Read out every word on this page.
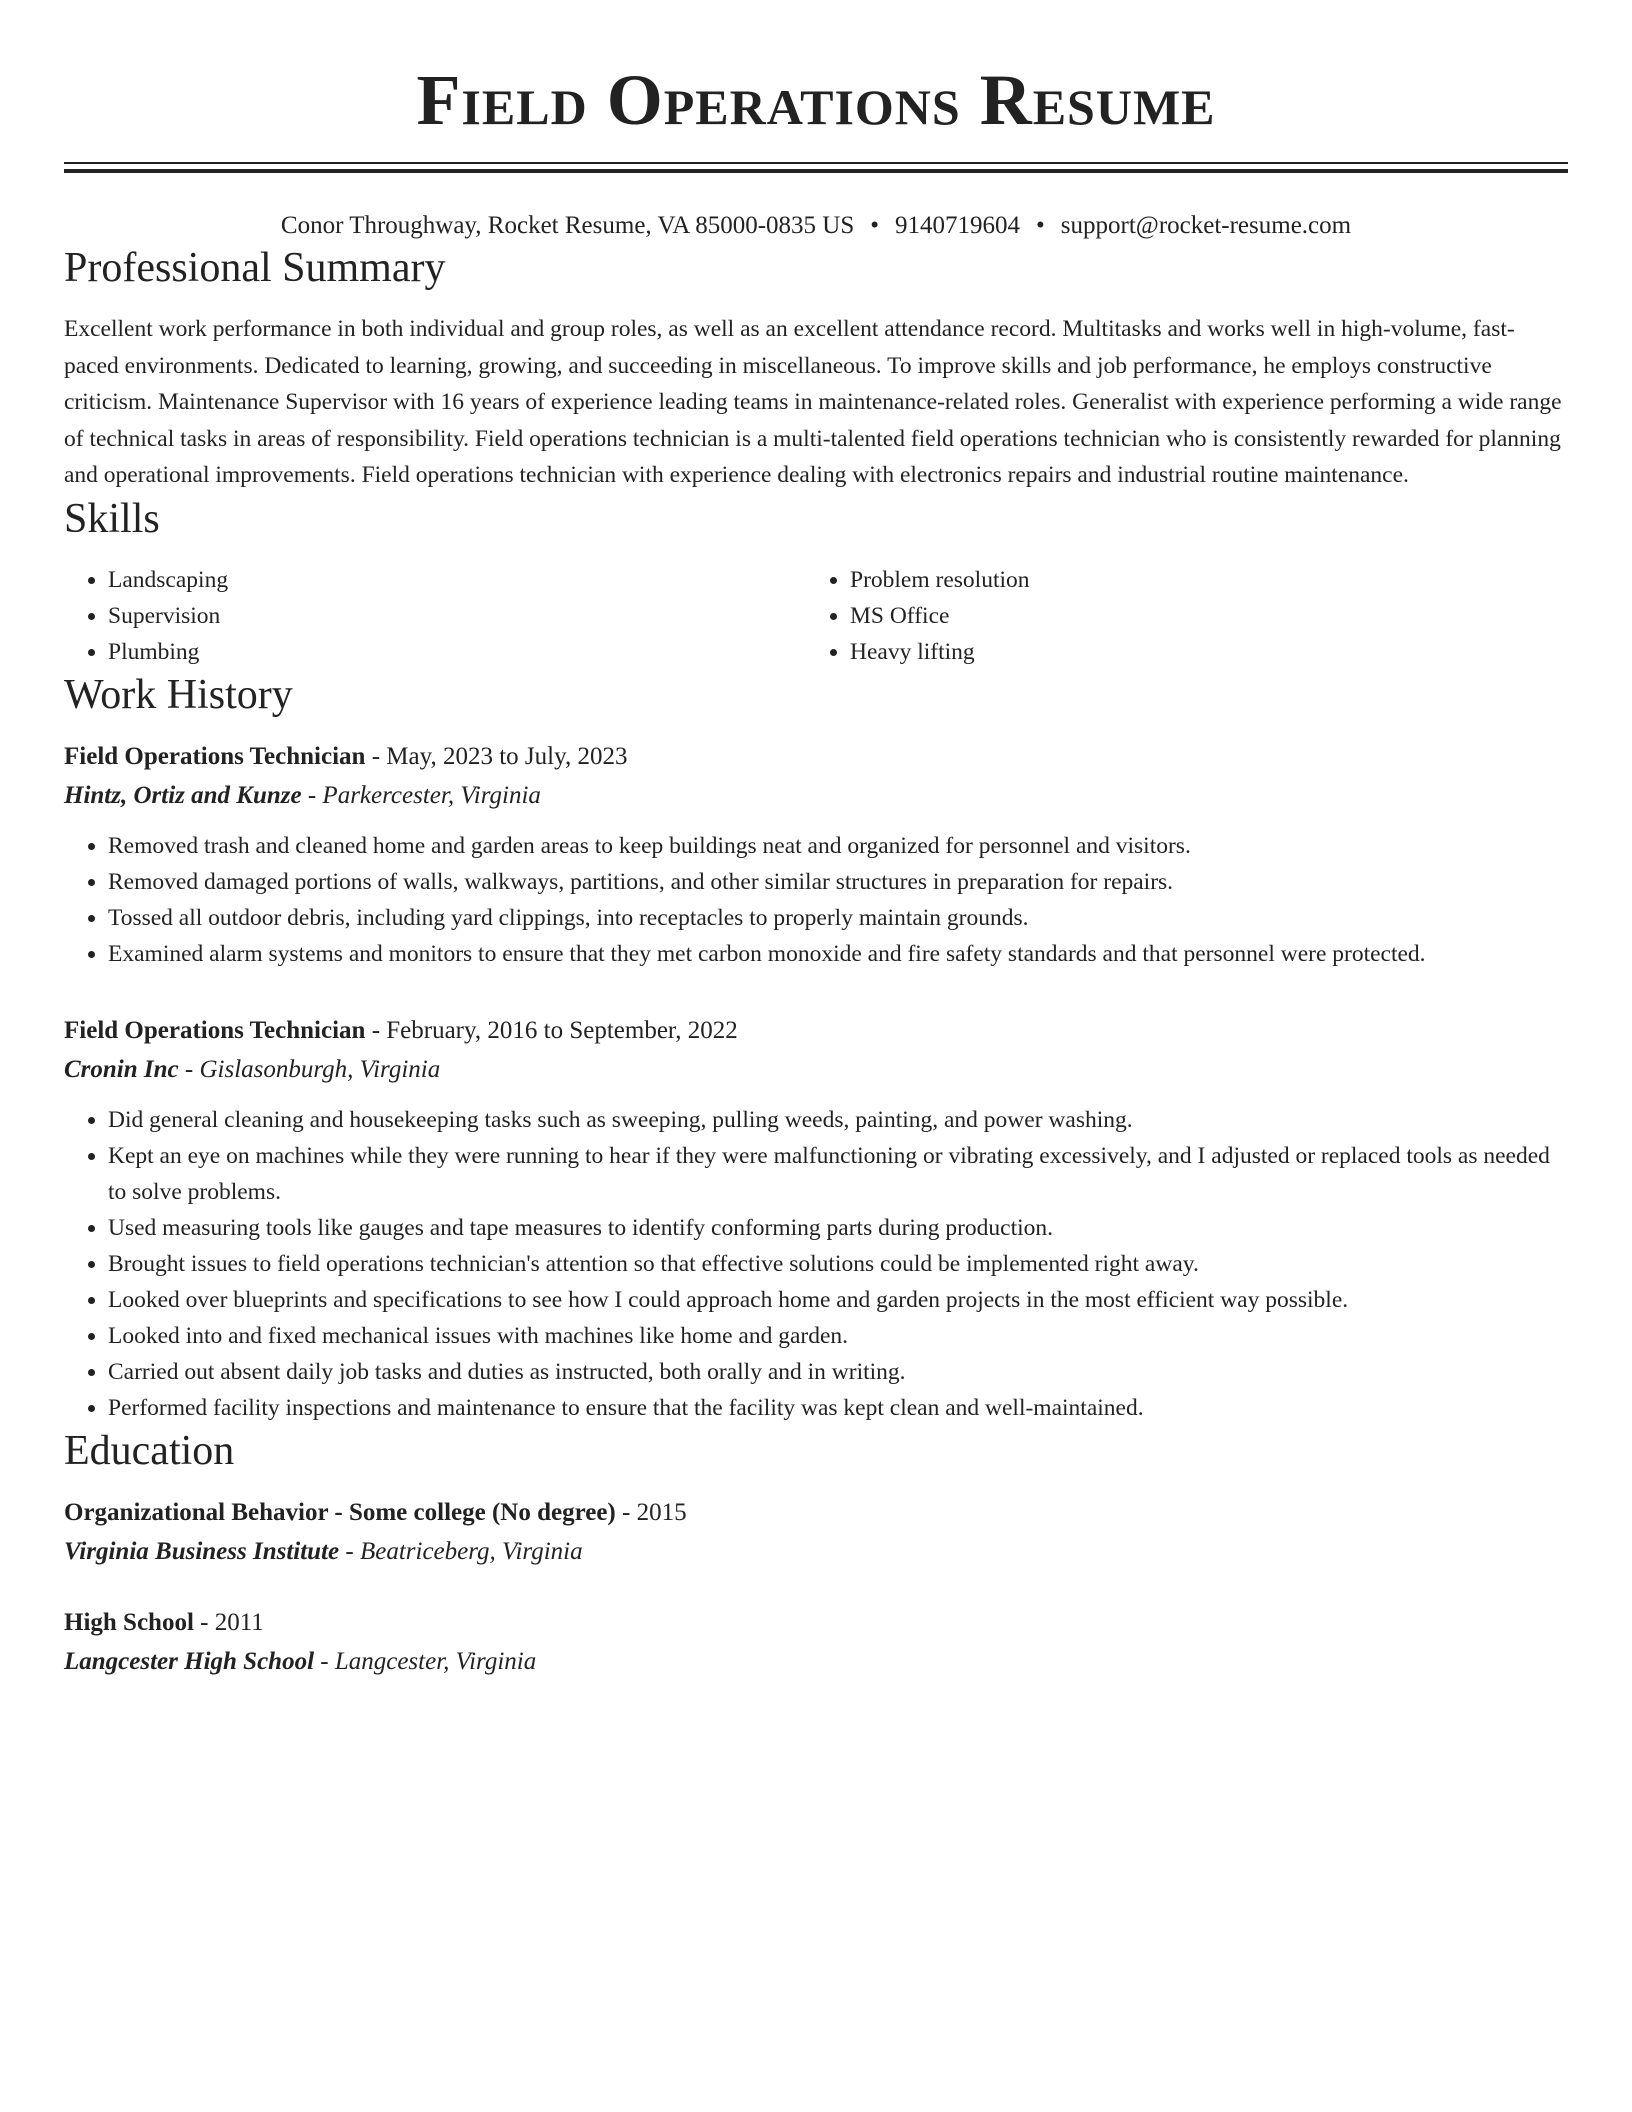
Field Operations Resume
Conor Throughway, Rocket Resume, VA 85000-0835 US • 9140719604 • support@rocket-resume.com
Professional Summary
Excellent work performance in both individual and group roles, as well as an excellent attendance record. Multitasks and works well in high-volume, fast-paced environments. Dedicated to learning, growing, and succeeding in miscellaneous. To improve skills and job performance, he employs constructive criticism. Maintenance Supervisor with 16 years of experience leading teams in maintenance-related roles. Generalist with experience performing a wide range of technical tasks in areas of responsibility. Field operations technician is a multi-talented field operations technician who is consistently rewarded for planning and operational improvements. Field operations technician with experience dealing with electronics repairs and industrial routine maintenance.
Skills
• Landscaping
• Supervision
• Plumbing
• Problem resolution
• MS Office
• Heavy lifting
Work History
Field Operations Technician - May, 2023 to July, 2023
Hintz, Ortiz and Kunze - Parkercester, Virginia
• Removed trash and cleaned home and garden areas to keep buildings neat and organized for personnel and visitors.
• Removed damaged portions of walls, walkways, partitions, and other similar structures in preparation for repairs.
• Tossed all outdoor debris, including yard clippings, into receptacles to properly maintain grounds.
• Examined alarm systems and monitors to ensure that they met carbon monoxide and fire safety standards and that personnel were protected.
Field Operations Technician - February, 2016 to September, 2022
Cronin Inc - Gislasonburgh, Virginia
• Did general cleaning and housekeeping tasks such as sweeping, pulling weeds, painting, and power washing.
• Kept an eye on machines while they were running to hear if they were malfunctioning or vibrating excessively, and I adjusted or replaced tools as needed to solve problems.
• Used measuring tools like gauges and tape measures to identify conforming parts during production.
• Brought issues to field operations technician's attention so that effective solutions could be implemented right away.
• Looked over blueprints and specifications to see how I could approach home and garden projects in the most efficient way possible.
• Looked into and fixed mechanical issues with machines like home and garden.
• Carried out absent daily job tasks and duties as instructed, both orally and in writing.
• Performed facility inspections and maintenance to ensure that the facility was kept clean and well-maintained.
Education
Organizational Behavior - Some college (No degree) - 2015
Virginia Business Institute - Beatriceberg, Virginia
High School - 2011
Langcester High School - Langcester, Virginia
